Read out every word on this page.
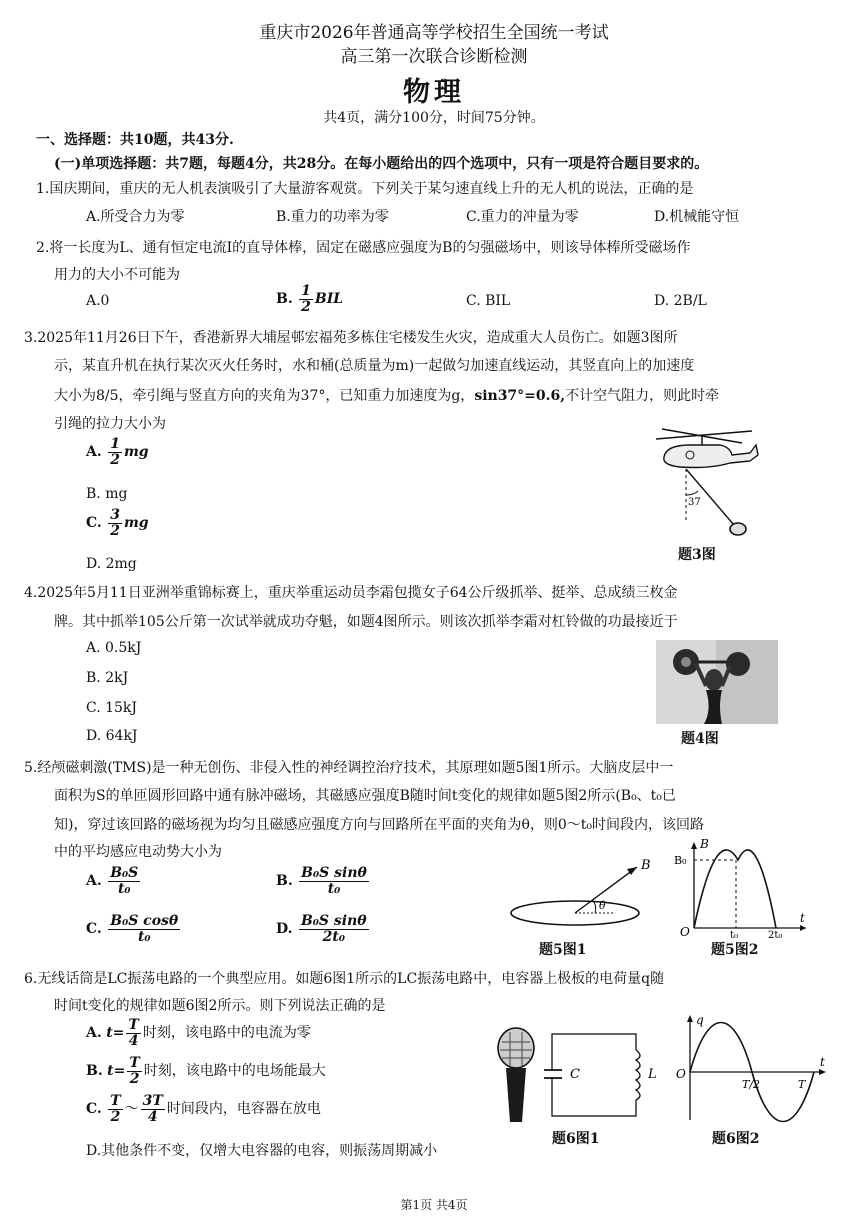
重庆市2026年普通高等学校招生全国统一考试
高三第一次联合诊断检测
物理
共4页，满分100分，时间75分钟。
一、选择题：共10题，共43分.
(一)单项选择题：共7题，每题4分，共28分。在每小题给出的四个选项中，只有一项是符合题目要求的。
1.国庆期间，重庆的无人机表演吸引了大量游客观赏。下列关于某匀速直线上升的无人机的说法，正确的是
A.所受合力为零	B.重力的功率为零	C.重力的冲量为零	D.机械能守恒
2.将一长度为L、通有恒定电流I的直导体棒，固定在磁感应强度为B的匀强磁场中，则该导体棒所受磁场作
用力的大小不可能为
A.0	B. $\frac{1}{2}$ BIL	C. BIL	D. 2B/L
3.2025年11月26日下午，香港新界大埔屋邨宏福苑多栋住宅楼发生火灾，造成重大人员伤亡。如题3图所
示，某直升机在执行某次灭火任务时，水和桶(总质量为m)一起做匀加速直线运动，其竖直向上的加速度
大小为8/5，牵引绳与竖直方向的夹角为37°，已知重力加速度为g，sin37°=0.6,不计空气阻力，则此时牵
引绳的拉力大小为
A. $\frac{1}{2}$ mg
B. mg
C. $\frac{3}{2}$ mg
D. 2mg
37
题3图
4.2025年5月11日亚洲举重锦标赛上，重庆举重运动员李霜包揽女子64公斤级抓举、挺举、总成绩三枚金
牌。其中抓举105公斤第一次试举就成功夺魁，如题4图所示。则该次抓举李霜对杠铃做的功最接近于
A. 0.5kJ
B. 2kJ
C. 15kJ
D. 64kJ	题4图
5.经颅磁刺激(TMS)是一种无创伤、非侵入性的神经调控治疗技术，其原理如题5图1所示。大脑皮层中一
面积为S的单匝圆形回路中通有脉冲磁场，其磁感应强度B随时间t变化的规律如题5图2所示(B₀、t₀已
知)，穿过该回路的磁场视为均匀且磁感应强度方向与回路所在平面的夹角为θ，则0～t₀时间段内，该回路
中的平均感应电动势大小为
A. $\frac{\text{B₀S}}{\text{t₀}}$	B. $\frac{\text{B₀S sinθ}}{\text{t₀}}$
C. $\frac{\text{B₀S cosθ}}{\text{t₀}}$	D. $\frac{\text{B₀S sinθ}}{\text{2t₀}}$
B
θ
题5图1
B
B₀
O	t₀	2t₀
t
题5图2
6.无线话筒是LC振荡电路的一个典型应用。如题6图1所示的LC振荡电路中，电容器上极板的电荷量q随
时间t变化的规律如题6图2所示。则下列说法正确的是
A. $t= \frac{T}{4}$ 时刻，该电路中的电流为零
B. $t= \frac{T}{2}$ 时刻，该电路中的电场能最大
C. $\frac{T}{2}$ ～ $\frac{3T}{4}$ 时间段内，电容器在放电
D.其他条件不变，仅增大电容器的电容，则振荡周期减小
C	L
题6图1
q
O
T/2	T
t
题6图2
第1页 共4页
